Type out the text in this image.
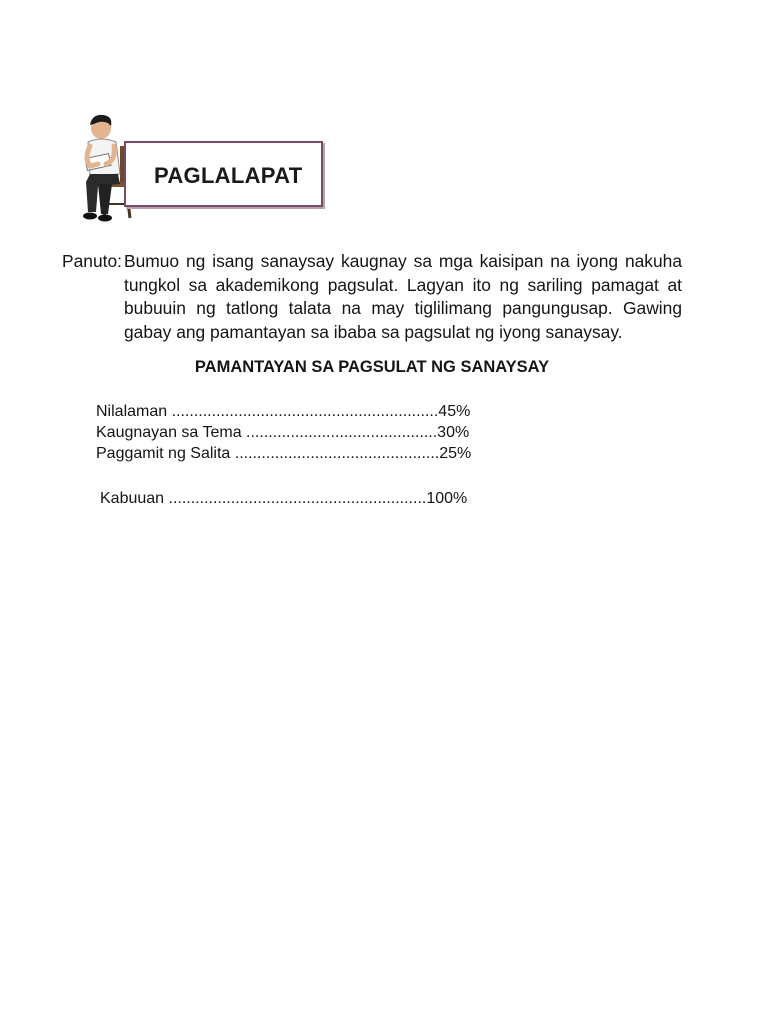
PAGLALAPAT
Panuto: Bumuo ng isang sanaysay kaugnay sa mga kaisipan na iyong nakuha tungkol sa akademikong pagsulat. Lagyan ito ng sariling pamagat at bubuuin ng tatlong talata na may tiglilimang pangungusap. Gawing gabay ang pamantayan sa ibaba sa pagsulat ng iyong sanaysay.
PAMANTAYAN SA PAGSULAT NG SANAYSAY
Nilalaman ............................................................45%
Kaugnayan sa Tema ...........................................30%
Paggamit ng Salita ..............................................25%
Kabuuan ..........................................................100%
